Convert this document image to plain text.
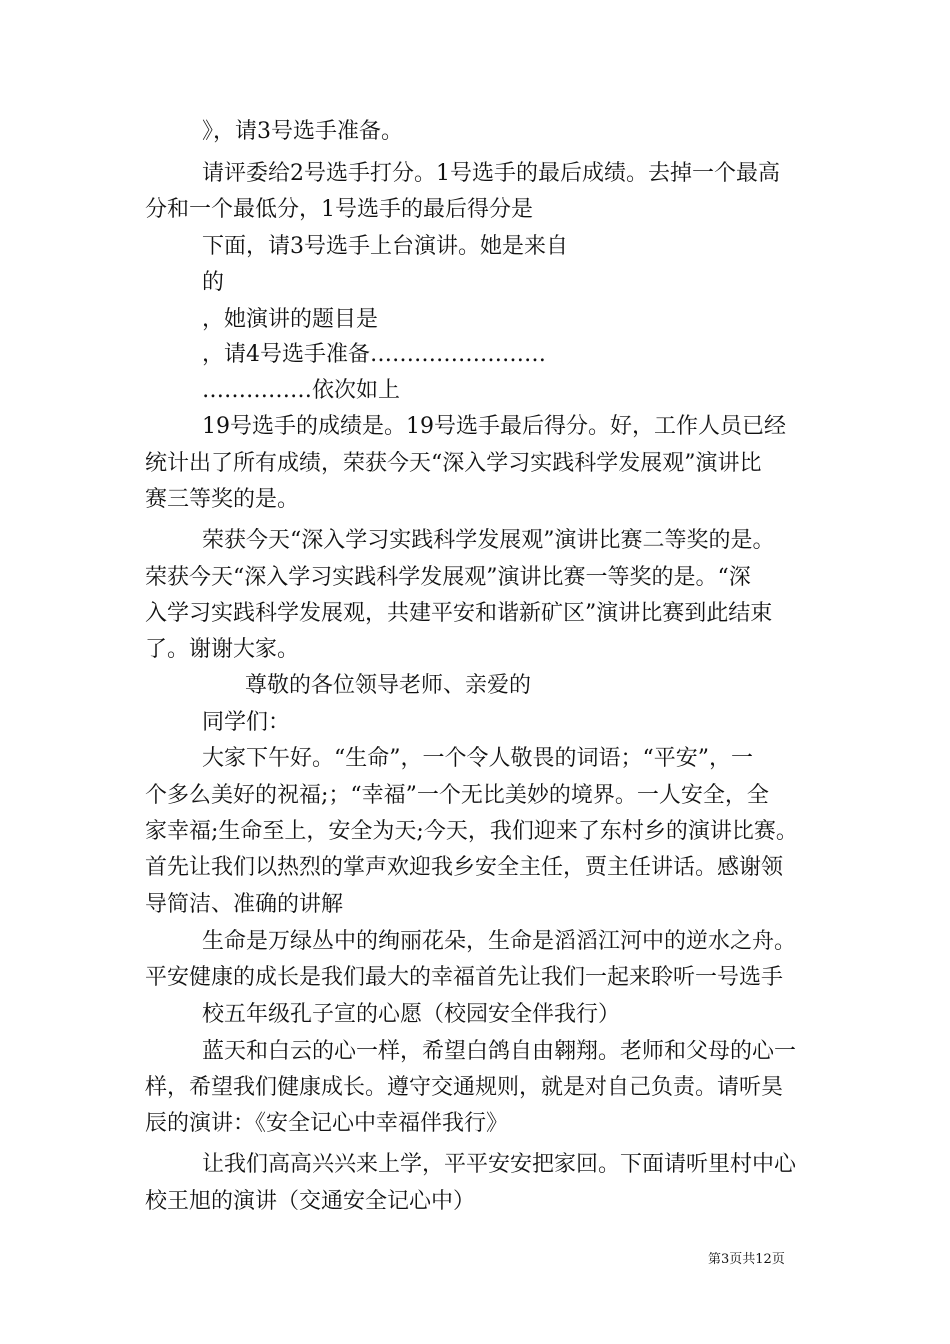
》，请3号选手准备。
请评委给2号选手打分。1号选手的最后成绩。去掉一个最高
分和一个最低分，1号选手的最后得分是
下面，请3号选手上台演讲。她是来自
的
，她演讲的题目是
，请4号选手准备……………………
……………依次如上
19号选手的成绩是。19号选手最后得分。好，工作人员已经
统计出了所有成绩，荣获今天“深入学习实践科学发展观”演讲比
赛三等奖的是。
荣获今天“深入学习实践科学发展观”演讲比赛二等奖的是。
荣获今天“深入学习实践科学发展观”演讲比赛一等奖的是。“深
入学习实践科学发展观，共建平安和谐新矿区”演讲比赛到此结束
了。谢谢大家。
尊敬的各位领导老师、亲爱的
同学们：
大家下午好。“生命”，一个令人敬畏的词语；“平安”，一
个多么美好的祝福;；“幸福”一个无比美妙的境界。一人安全，全
家幸福;生命至上，安全为天;今天，我们迎来了东村乡的演讲比赛。
首先让我们以热烈的掌声欢迎我乡安全主任，贾主任讲话。感谢领
导简洁、准确的讲解
生命是万绿丛中的绚丽花朵，生命是滔滔江河中的逆水之舟。
平安健康的成长是我们最大的幸福首先让我们一起来聆听一号选手
校五年级孔子宣的心愿（校园安全伴我行）
蓝天和白云的心一样，希望白鸽自由翱翔。老师和父母的心一
样，希望我们健康成长。遵守交通规则，就是对自己负责。请听昊
辰的演讲：《安全记心中幸福伴我行》
让我们高高兴兴来上学，平平安安把家回。下面请听里村中心
校王旭的演讲（交通安全记心中）
第3页共12页
